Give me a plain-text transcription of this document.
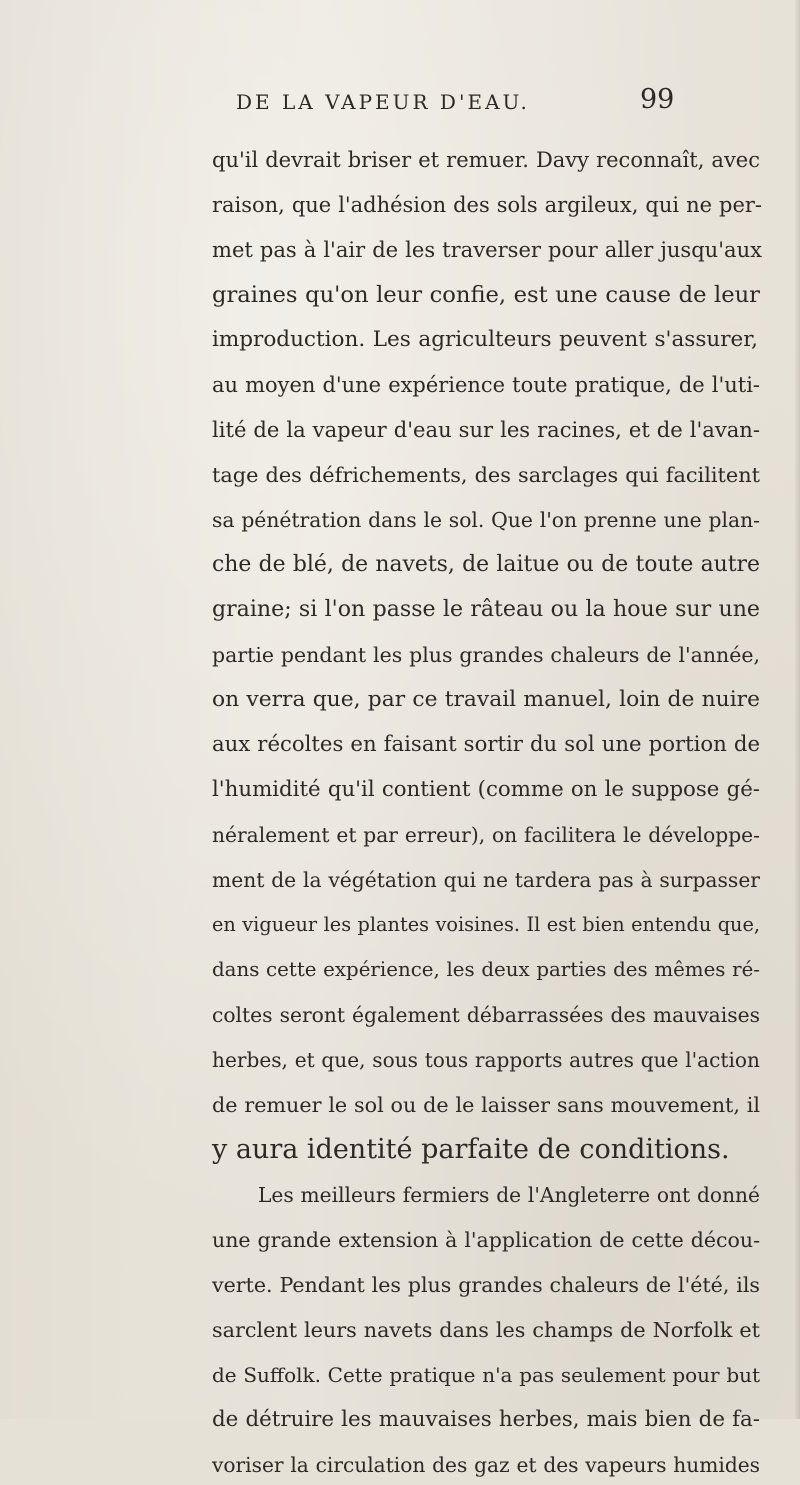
DE LA VAPEUR D'EAU.	99
qu'il devrait briser et remuer. Davy reconnaît, avec
raison, que l'adhésion des sols argileux, qui ne per-
met pas à l'air de les traverser pour aller jusqu'aux
graines qu'on leur confie, est une cause de leur
improduction. Les agriculteurs peuvent s'assurer,
au moyen d'une expérience toute pratique, de l'uti-
lité de la vapeur d'eau sur les racines, et de l'avan-
tage des défrichements, des sarclages qui facilitent
sa pénétration dans le sol. Que l'on prenne une plan-
che de blé, de navets, de laitue ou de toute autre
graine; si l'on passe le râteau ou la houe sur une
partie pendant les plus grandes chaleurs de l'année,
on verra que, par ce travail manuel, loin de nuire
aux récoltes en faisant sortir du sol une portion de
l'humidité qu'il contient (comme on le suppose gé-
néralement et par erreur), on facilitera le développe-
ment de la végétation qui ne tardera pas à surpasser
en vigueur les plantes voisines. Il est bien entendu que,
dans cette expérience, les deux parties des mêmes ré-
coltes seront également débarrassées des mauvaises
herbes, et que, sous tous rapports autres que l'action
de remuer le sol ou de le laisser sans mouvement, il
y aura identité parfaite de conditions.
Les meilleurs fermiers de l'Angleterre ont donné
une grande extension à l'application de cette décou-
verte. Pendant les plus grandes chaleurs de l'été, ils
sarclent leurs navets dans les champs de Norfolk et
de Suffolk. Cette pratique n'a pas seulement pour but
de détruire les mauvaises herbes, mais bien de fa-
voriser la circulation des gaz et des vapeurs humides
